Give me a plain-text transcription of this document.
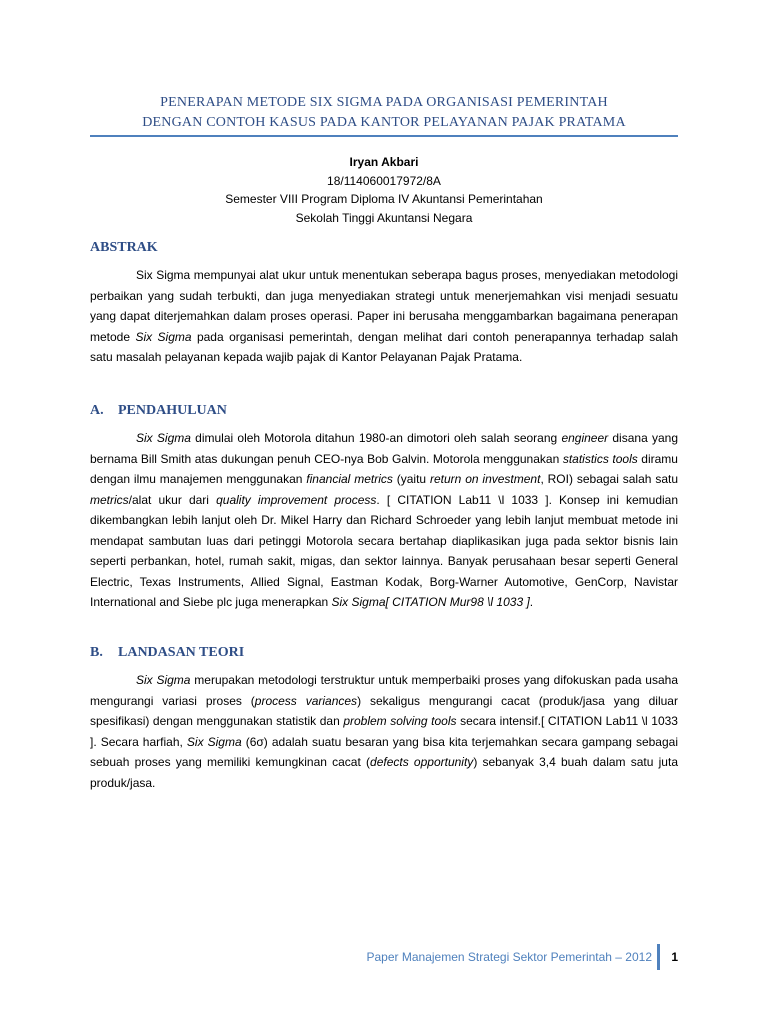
PENERAPAN METODE SIX SIGMA PADA ORGANISASI PEMERINTAH
DENGAN CONTOH KASUS PADA KANTOR PELAYANAN PAJAK PRATAMA
Iryan Akbari
18/114060017972/8A
Semester VIII Program Diploma IV Akuntansi Pemerintahan
Sekolah Tinggi Akuntansi Negara
ABSTRAK

Six Sigma mempunyai alat ukur untuk menentukan seberapa bagus proses, menyediakan metodologi perbaikan yang sudah terbukti, dan juga menyediakan strategi untuk menerjemahkan visi menjadi sesuatu yang dapat diterjemahkan dalam proses operasi. Paper ini berusaha menggambarkan bagaimana penerapan metode Six Sigma pada organisasi pemerintah, dengan melihat dari contoh penerapannya terhadap salah satu masalah pelayanan kepada wajib pajak di Kantor Pelayanan Pajak Pratama.

A. PENDAHULUAN

Six Sigma dimulai oleh Motorola ditahun 1980-an dimotori oleh salah seorang engineer disana yang bernama Bill Smith atas dukungan penuh CEO-nya Bob Galvin. Motorola menggunakan statistics tools diramu dengan ilmu manajemen menggunakan financial metrics (yaitu return on investment, ROI) sebagai salah satu metrics/alat ukur dari quality improvement process. [ CITATION Lab11 \l 1033 ]. Konsep ini kemudian dikembangkan lebih lanjut oleh Dr. Mikel Harry dan Richard Schroeder yang lebih lanjut membuat metode ini mendapat sambutan luas dari petinggi Motorola secara bertahap diaplikasikan juga pada sektor bisnis lain seperti perbankan, hotel, rumah sakit, migas, dan sektor lainnya. Banyak perusahaan besar seperti General Electric, Texas Instruments, Allied Signal, Eastman Kodak, Borg-Warner Automotive, GenCorp, Navistar International and Siebe plc juga menerapkan Six Sigma[ CITATION Mur98 \l 1033 ].

B. LANDASAN TEORI

Six Sigma merupakan metodologi terstruktur untuk memperbaiki proses yang difokuskan pada usaha mengurangi variasi proses (process variances) sekaligus mengurangi cacat (produk/jasa yang diluar spesifikasi) dengan menggunakan statistik dan problem solving tools secara intensif.[ CITATION Lab11 \l 1033 ]. Secara harfiah, Six Sigma (6σ) adalah suatu besaran yang bisa kita terjemahkan secara gampang sebagai sebuah proses yang memiliki kemungkinan cacat (defects opportunity) sebanyak 3,4 buah dalam satu juta produk/jasa.

Paper Manajemen Strategi Sektor Pemerintah – 2012 1
